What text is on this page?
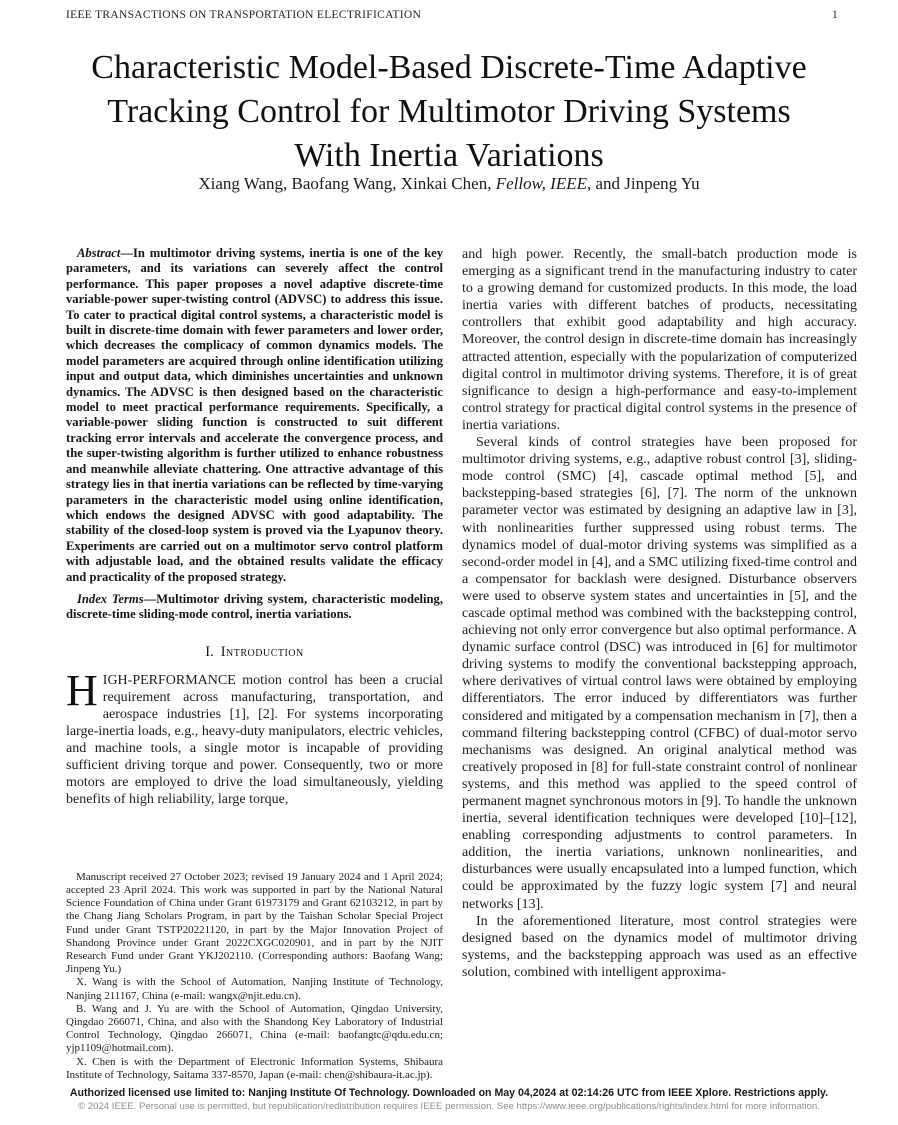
IEEE TRANSACTIONS ON TRANSPORTATION ELECTRIFICATION	1
Characteristic Model-Based Discrete-Time Adaptive
Tracking Control for Multimotor Driving Systems
With Inertia Variations
Xiang Wang, Baofang Wang, Xinkai Chen, Fellow, IEEE, and Jinpeng Yu

Abstract—In multimotor driving systems, inertia is one of the key parameters, and its variations can severely affect the control performance. This paper proposes a novel adaptive discrete-time variable-power super-twisting control (ADVSC) to address this issue. To cater to practical digital control systems, a characteristic model is built in discrete-time domain with fewer parameters and lower order, which decreases the complicacy of common dynamics models. The model parameters are acquired through online identification utilizing input and output data, which diminishes uncertainties and unknown dynamics. The ADVSC is then designed based on the characteristic model to meet practical performance requirements. Specifically, a variable-power sliding function is constructed to suit different tracking error intervals and accelerate the convergence process, and the super-twisting algorithm is further utilized to enhance robustness and meanwhile alleviate chattering. One attractive advantage of this strategy lies in that inertia variations can be reflected by time-varying parameters in the characteristic model using online identification, which endows the designed ADVSC with good adaptability. The stability of the closed-loop system is proved via the Lyapunov theory. Experiments are carried out on a multimotor servo control platform with adjustable load, and the obtained results validate the efficacy and practicality of the proposed strategy.

Index Terms—Multimotor driving system, characteristic modeling, discrete-time sliding-mode control, inertia variations.

I. Introduction

HIGH-PERFORMANCE motion control has been a crucial requirement across manufacturing, transportation, and aerospace industries [1], [2]. For systems incorporating large-inertia loads, e.g., heavy-duty manipulators, electric vehicles, and machine tools, a single motor is incapable of providing sufficient driving torque and power. Consequently, two or more motors are employed to drive the load simultaneously, yielding benefits of high reliability, large torque,

Manuscript received 27 October 2023; revised 19 January 2024 and 1 April 2024; accepted 23 April 2024. This work was supported in part by the National Natural Science Foundation of China under Grant 61973179 and Grant 62103212, in part by the Chang Jiang Scholars Program, in part by the Taishan Scholar Special Project Fund under Grant TSTP20221120, in part by the Major Innovation Project of Shandong Province under Grant 2022CXGC020901, and in part by the NJIT Research Fund under Grant YKJ202110. (Corresponding authors: Baofang Wang; Jinpeng Yu.)

X. Wang is with the School of Automation, Nanjing Institute of Technology, Nanjing 211167, China (e-mail: wangx@njit.edu.cn).

B. Wang and J. Yu are with the School of Automation, Qingdao University, Qingdao 266071, China, and also with the Shandong Key Laboratory of Industrial Control Technology, Qingdao 266071, China (e-mail: baofangtc@qdu.edu.cn; yjp1109@hotmail.com).

X. Chen is with the Department of Electronic Information Systems, Shibaura Institute of Technology, Saitama 337-8570, Japan (e-mail: chen@shibaura-it.ac.jp).

and high power. Recently, the small-batch production mode is emerging as a significant trend in the manufacturing industry to cater to a growing demand for customized products. In this mode, the load inertia varies with different batches of products, necessitating controllers that exhibit good adaptability and high accuracy. Moreover, the control design in discrete-time domain has increasingly attracted attention, especially with the popularization of computerized digital control in multimotor driving systems. Therefore, it is of great significance to design a high-performance and easy-to-implement control strategy for practical digital control systems in the presence of inertia variations.

Several kinds of control strategies have been proposed for multimotor driving systems, e.g., adaptive robust control [3], sliding-mode control (SMC) [4], cascade optimal method [5], and backstepping-based strategies [6], [7]. The norm of the unknown parameter vector was estimated by designing an adaptive law in [3], with nonlinearities further suppressed using robust terms. The dynamics model of dual-motor driving systems was simplified as a second-order model in [4], and a SMC utilizing fixed-time control and a compensator for backlash were designed. Disturbance observers were used to observe system states and uncertainties in [5], and the cascade optimal method was combined with the backstepping control, achieving not only error convergence but also optimal performance. A dynamic surface control (DSC) was introduced in [6] for multimotor driving systems to modify the conventional backstepping approach, where derivatives of virtual control laws were obtained by employing differentiators. The error induced by differentiators was further considered and mitigated by a compensation mechanism in [7], then a command filtering backstepping control (CFBC) of dual-motor servo mechanisms was designed. An original analytical method was creatively proposed in [8] for full-state constraint control of nonlinear systems, and this method was applied to the speed control of permanent magnet synchronous motors in [9]. To handle the unknown inertia, several identification techniques were developed [10]–[12], enabling corresponding adjustments to control parameters. In addition, the inertia variations, unknown nonlinearities, and disturbances were usually encapsulated into a lumped function, which could be approximated by the fuzzy logic system [7] and neural networks [13].

In the aforementioned literature, most control strategies were designed based on the dynamics model of multimotor driving systems, and the backstepping approach was used as an effective solution, combined with intelligent approxima-

Authorized licensed use limited to: Nanjing Institute Of Technology. Downloaded on May 04,2024 at 02:14:26 UTC from IEEE Xplore. Restrictions apply.
© 2024 IEEE. Personal use is permitted, but republication/redistribution requires IEEE permission. See https://www.ieee.org/publications/rights/index.html for more information.
